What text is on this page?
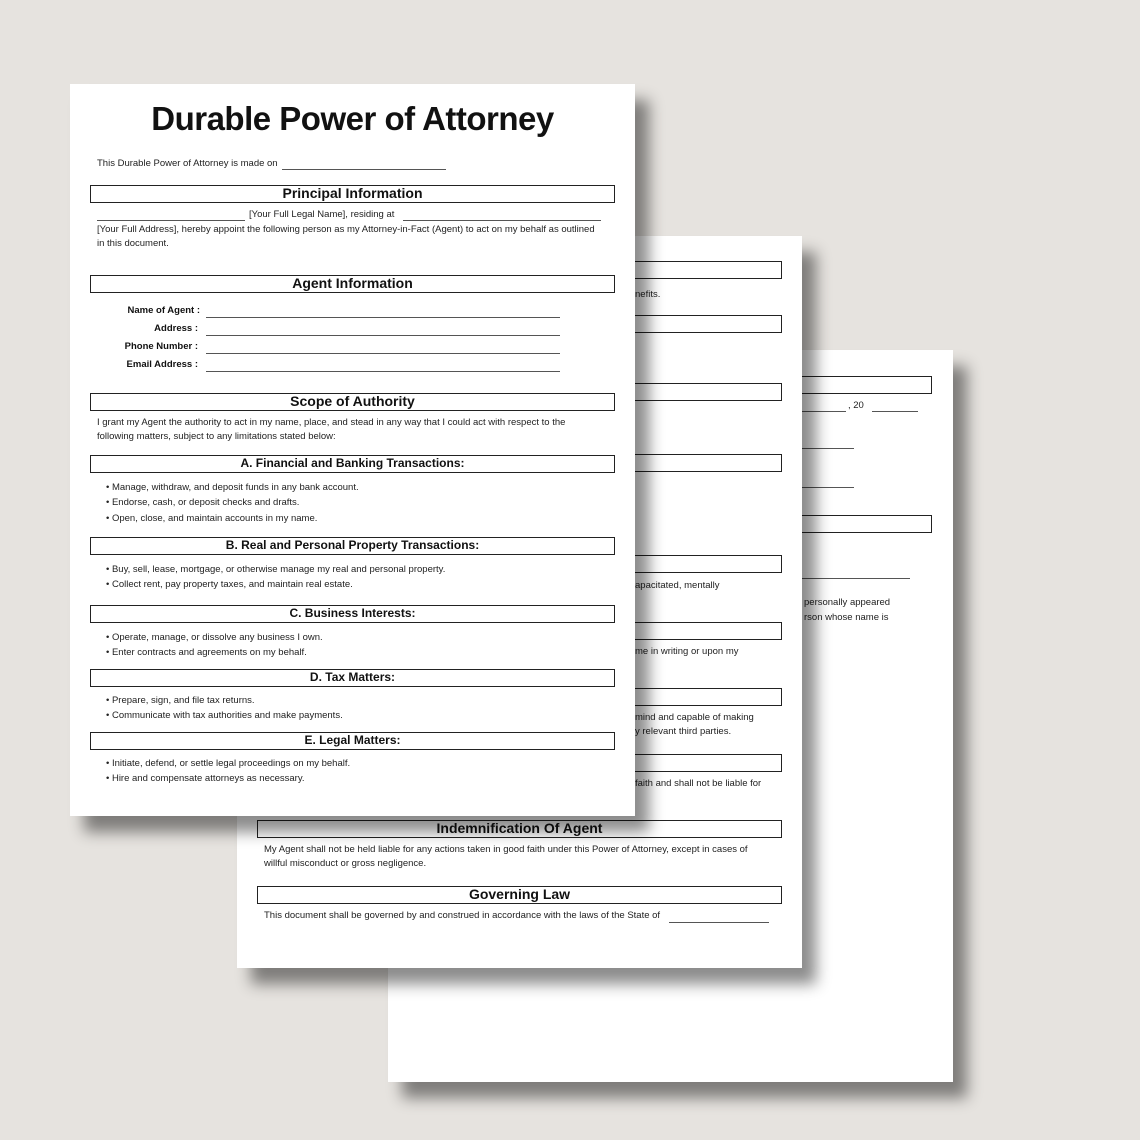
, 20
personally appeared
rson whose name is
nefits.
apacitated, mentally
me in writing or upon my
mind and capable of making
y relevant third parties.
faith and shall not be liable for
Indemnification Of Agent
My Agent shall not be held liable for any actions taken in good faith under this Power of Attorney, except in cases of
willful misconduct or gross negligence.
Governing Law
This document shall be governed by and construed in accordance with the laws of the State of
Durable Power of Attorney
This Durable Power of Attorney is made on
Principal Information
[Your Full Legal Name], residing at
[Your Full Address], hereby appoint the following person as my Attorney-in-Fact (Agent) to act on my behalf as outlined
in this document.
Agent Information
Name of Agent :
Address :
Phone Number :
Email Address :
Scope of Authority
I grant my Agent the authority to act in my name, place, and stead in any way that I could act with respect to the
following matters, subject to any limitations stated below:
A. Financial and Banking Transactions:
• Manage, withdraw, and deposit funds in any bank account.
• Endorse, cash, or deposit checks and drafts.
• Open, close, and maintain accounts in my name.
B. Real and Personal Property Transactions:
• Buy, sell, lease, mortgage, or otherwise manage my real and personal property.
• Collect rent, pay property taxes, and maintain real estate.
C. Business Interests:
• Operate, manage, or dissolve any business I own.
• Enter contracts and agreements on my behalf.
D. Tax Matters:
• Prepare, sign, and file tax returns.
• Communicate with tax authorities and make payments.
E. Legal Matters:
• Initiate, defend, or settle legal proceedings on my behalf.
• Hire and compensate attorneys as necessary.
